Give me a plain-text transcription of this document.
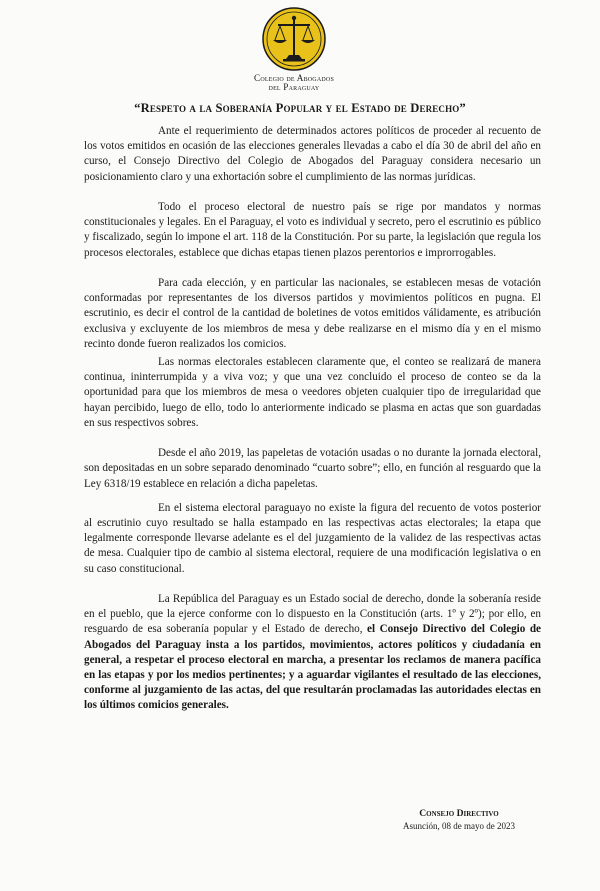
Colegio de Abogados
del Paraguay
“Respeto a la Soberanía Popular y el Estado de Derecho”

Ante el requerimiento de determinados actores políticos de proceder al recuento de los votos emitidos en ocasión de las elecciones generales llevadas a cabo el día 30 de abril del año en curso, el Consejo Directivo del Colegio de Abogados del Paraguay considera necesario un posicionamiento claro y una exhortación sobre el cumplimiento de las normas jurídicas.

Todo el proceso electoral de nuestro país se rige por mandatos y normas constitucionales y legales. En el Paraguay, el voto es individual y secreto, pero el escrutinio es público y fiscalizado, según lo impone el art. 118 de la Constitución. Por su parte, la legislación que regula los procesos electorales, establece que dichas etapas tienen plazos perentorios e improrrogables.

Para cada elección, y en particular las nacionales, se establecen mesas de votación conformadas por representantes de los diversos partidos y movimientos políticos en pugna. El escrutinio, es decir el control de la cantidad de boletines de votos emitidos válidamente, es atribución exclusiva y excluyente de los miembros de mesa y debe realizarse en el mismo día y en el mismo recinto donde fueron realizados los comicios.

Las normas electorales establecen claramente que, el conteo se realizará de manera continua, ininterrumpida y a viva voz; y que una vez concluido el proceso de conteo se da la oportunidad para que los miembros de mesa o veedores objeten cualquier tipo de irregularidad que hayan percibido, luego de ello, todo lo anteriormente indicado se plasma en actas que son guardadas en sus respectivos sobres.

Desde el año 2019, las papeletas de votación usadas o no durante la jornada electoral, son depositadas en un sobre separado denominado “cuarto sobre”; ello, en función al resguardo que la Ley 6318/19 establece en relación a dicha papeletas.

En el sistema electoral paraguayo no existe la figura del recuento de votos posterior al escrutinio cuyo resultado se halla estampado en las respectivas actas electorales; la etapa que legalmente corresponde llevarse adelante es el del juzgamiento de la validez de las respectivas actas de mesa. Cualquier tipo de cambio al sistema electoral, requiere de una modificación legislativa o en su caso constitucional.

La República del Paraguay es un Estado social de derecho, donde la soberanía reside en el pueblo, que la ejerce conforme con lo dispuesto en la Constitución (arts. 1º y 2º); por ello, en resguardo de esa soberanía popular y el Estado de derecho, el Consejo Directivo del Colegio de Abogados del Paraguay insta a los partidos, movimientos, actores políticos y ciudadanía en general, a respetar el proceso electoral en marcha, a presentar los reclamos de manera pacífica en las etapas y por los medios pertinentes; y a aguardar vigilantes el resultado de las elecciones, conforme al juzgamiento de las actas, del que resultarán proclamadas las autoridades electas en los últimos comicios generales.

Consejo Directivo
Asunción, 08 de mayo de 2023
